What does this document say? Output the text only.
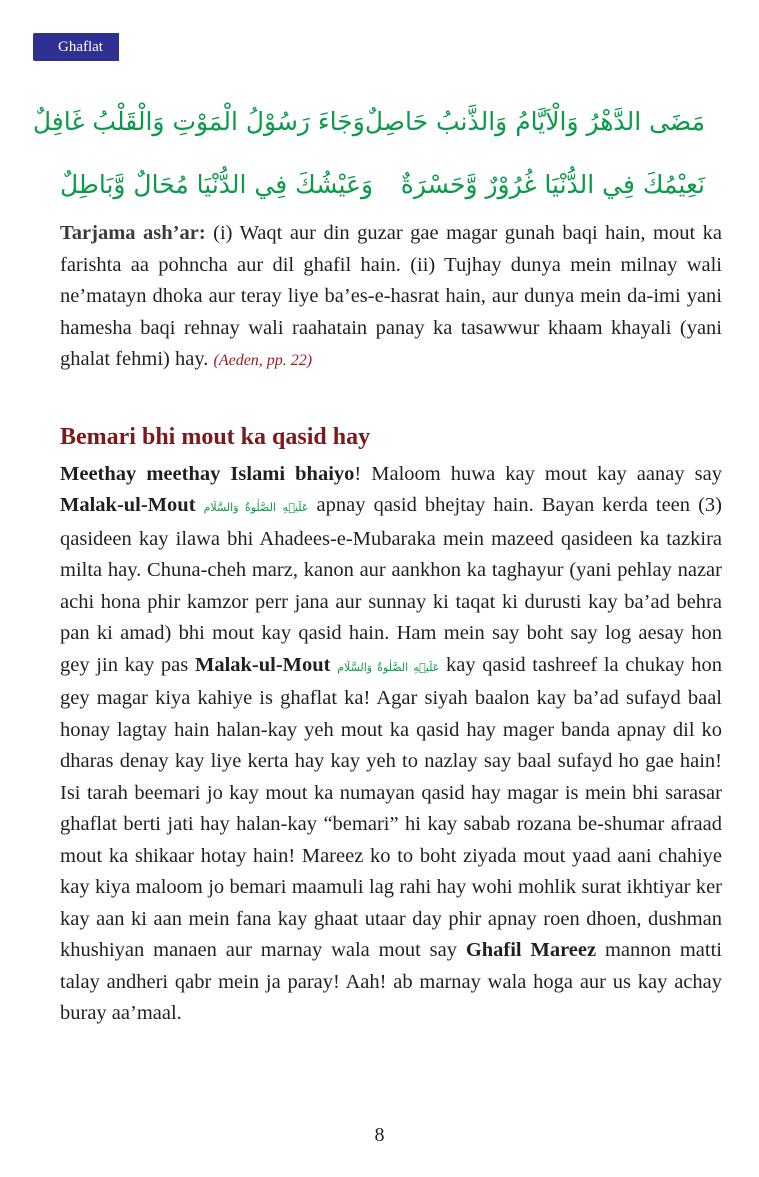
Ghaflat
مَضَى الدَّهْرُ وَالْاَيَّامُ وَالذَّنبُ حَاصِلٌ
وَجَاءَ رَسُوْلُ الْمَوْتِ وَالْقَلْبُ غَافِلٌ
نَعِيْمُكَ فِي الدُّنْيَا غُرُوْرٌ وَّحَسْرَةٌ
وَعَيْشُكَ فِي الدُّنْيَا مُحَالٌ وَّبَاطِلٌ

Tarjama ash’ar: (i) Waqt aur din guzar gae magar gunah baqi hain, mout ka farishta aa pohncha aur dil ghafil hain. (ii) Tujhay dunya mein milnay wali ne’matayn dhoka aur teray liye ba’es-e-hasrat hain, aur dunya mein da-imi yani hamesha baqi rehnay wali raahatain panay ka tasawwur khaam khayali (yani ghalat fehmi) hay. (Aeden, pp. 22)

Bemari bhi mout ka qasid hay

Meethay meethay Islami bhaiyo! Maloom huwa kay mout kay aanay say Malak-ul-Mout عَلَيۡهِ الصَّلٰوةُ وَالسَّلَام apnay qasid bhejtay hain. Bayan kerda teen (3) qasideen kay ilawa bhi Ahadees-e-Mubaraka mein mazeed qasideen ka tazkira milta hay. Chuna-cheh marz, kanon aur aankhon ka taghayur (yani pehlay nazar achi hona phir kamzor perr jana aur sunnay ki taqat ki durusti kay ba’ad behra pan ki amad) bhi mout kay qasid hain. Ham mein say boht say log aesay hon gey jin kay pas Malak-ul-Mout عَلَيۡهِ الصَّلٰوةُ وَالسَّلَام kay qasid tashreef la chukay hon gey magar kiya kahiye is ghaflat ka! Agar siyah baalon kay ba’ad sufayd baal honay lagtay hain halan-kay yeh mout ka qasid hay mager banda apnay dil ko dharas denay kay liye kerta hay kay yeh to nazlay say baal sufayd ho gae hain! Isi tarah beemari jo kay mout ka numayan qasid hay magar is mein bhi sarasar ghaflat berti jati hay halan-kay “bemari” hi kay sabab rozana be-shumar afraad mout ka shikaar hotay hain! Mareez ko to boht ziyada mout yaad aani chahiye kay kiya maloom jo bemari maamuli lag rahi hay wohi mohlik surat ikhtiyar ker kay aan ki aan mein fana kay ghaat utaar day phir apnay roen dhoen, dushman khushiyan manaen aur marnay wala mout say Ghafil Mareez mannon matti talay andheri qabr mein ja paray! Aah! ab marnay wala hoga aur us kay achay buray aa’maal.

8
